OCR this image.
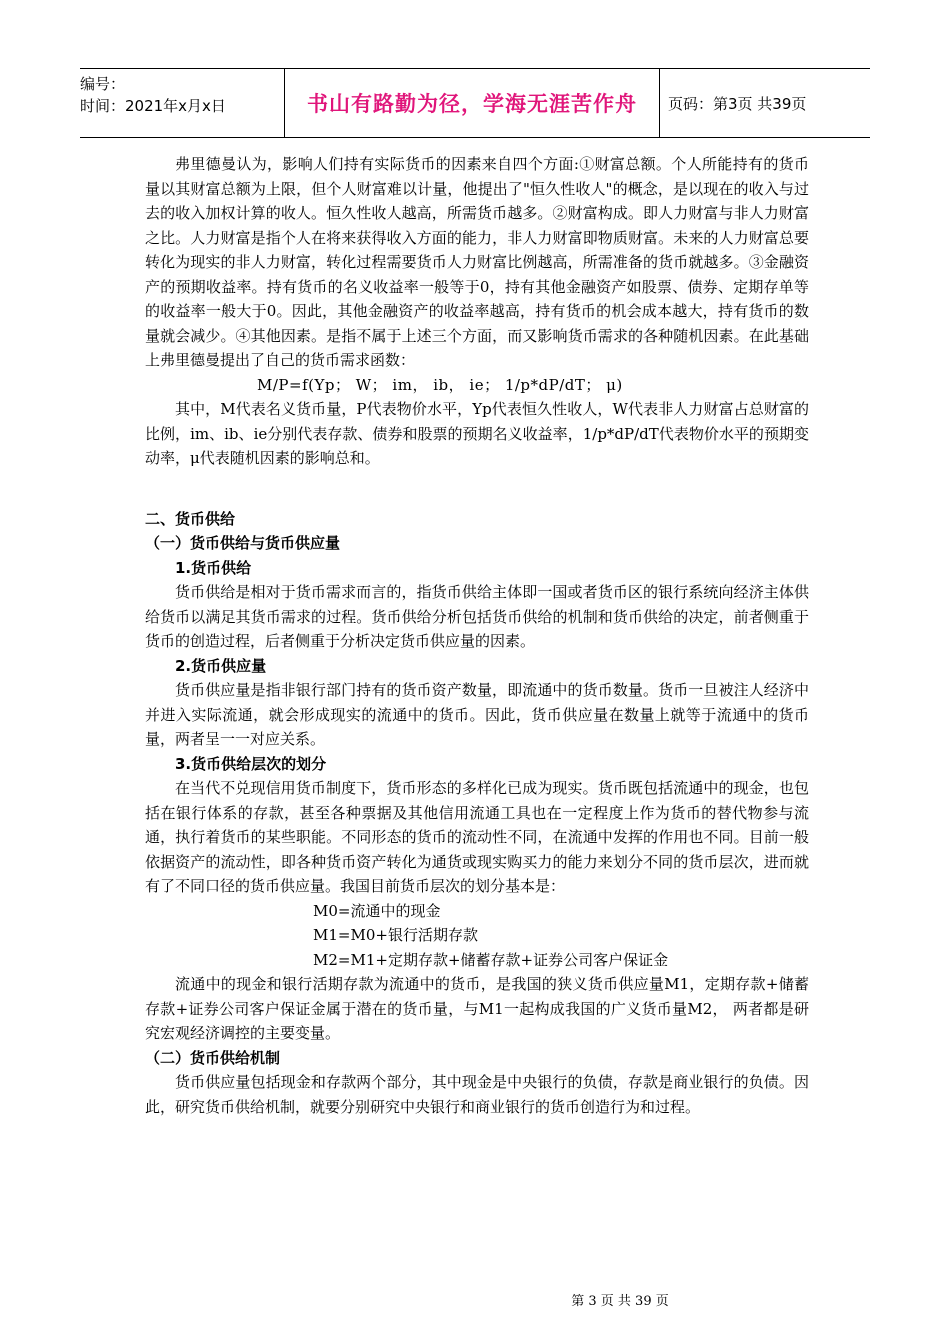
编号：
时间：2021年x月x日	书山有路勤为径，学海无涯苦作舟	页码：第3页 共39页

弗里德曼认为，影响人们持有实际货币的因素来自四个方面:①财富总额。个人所能持有的货币量以其财富总额为上限，但个人财富难以计量，他提出了"恒久性收人"的概念，是以现在的收入与过去的收入加权计算的收人。恒久性收人越高，所需货币越多。②财富构成。即人力财富与非人力财富之比。人力财富是指个人在将来获得收入方面的能力，非人力财富即物质财富。未来的人力财富总要转化为现实的非人力财富，转化过程需要货币人力财富比例越高，所需准备的货币就越多。③金融资产的预期收益率。持有货币的名义收益率一般等于0，持有其他金融资产如股票、债券、定期存单等的收益率一般大于0。因此，其他金融资产的收益率越高，持有货币的机会成本越大，持有货币的数量就会减少。④其他因素。是指不属于上述三个方面，而又影响货币需求的各种随机因素。在此基础上弗里德曼提出了自己的货币需求函数：

M/P=f(Yp； W； im， ib， ie； 1/p*dP/dT； μ)

其中，M代表名义货币量，P代表物价水平，Yp代表恒久性收人，W代表非人力财富占总财富的比例，im、ib、ie分别代表存款、债券和股票的预期名义收益率，1/p*dP/dT代表物价水平的预期变动率，μ代表随机因素的影响总和。

二、货币供给

（一）货币供给与货币供应量

1.货币供给

货币供给是相对于货币需求而言的，指货币供给主体即一国或者货币区的银行系统向经济主体供给货币以满足其货币需求的过程。货币供给分析包括货币供给的机制和货币供给的决定，前者侧重于货币的创造过程，后者侧重于分析决定货币供应量的因素。

2.货币供应量

货币供应量是指非银行部门持有的货币资产数量，即流通中的货币数量。货币一旦被注人经济中并进入实际流通，就会形成现实的流通中的货币。因此，货币供应量在数量上就等于流通中的货币量，两者呈一一对应关系。

3.货币供给层次的划分

在当代不兑现信用货币制度下，货币形态的多样化已成为现实。货币既包括流通中的现金，也包括在银行体系的存款，甚至各种票据及其他信用流通工具也在一定程度上作为货币的替代物参与流通，执行着货币的某些职能。不同形态的货币的流动性不同，在流通中发挥的作用也不同。目前一般依据资产的流动性，即各种货币资产转化为通货或现实购买力的能力来划分不同的货币层次，进而就有了不同口径的货币供应量。我国目前货币层次的划分基本是：

M0=流通中的现金

M1=M0+银行活期存款

M2=M1+定期存款+储蓄存款+证券公司客户保证金

流通中的现金和银行活期存款为流通中的货币，是我国的狭义货币供应量M1，定期存款+储蓄存款+证券公司客户保证金属于潜在的货币量，与M1一起构成我国的广义货币量M2， 两者都是研究宏观经济调控的主要变量。

（二）货币供给机制

货币供应量包括现金和存款两个部分，其中现金是中央银行的负债，存款是商业银行的负债。因此，研究货币供给机制，就要分别研究中央银行和商业银行的货币创造行为和过程。

第 3 页 共 39 页
